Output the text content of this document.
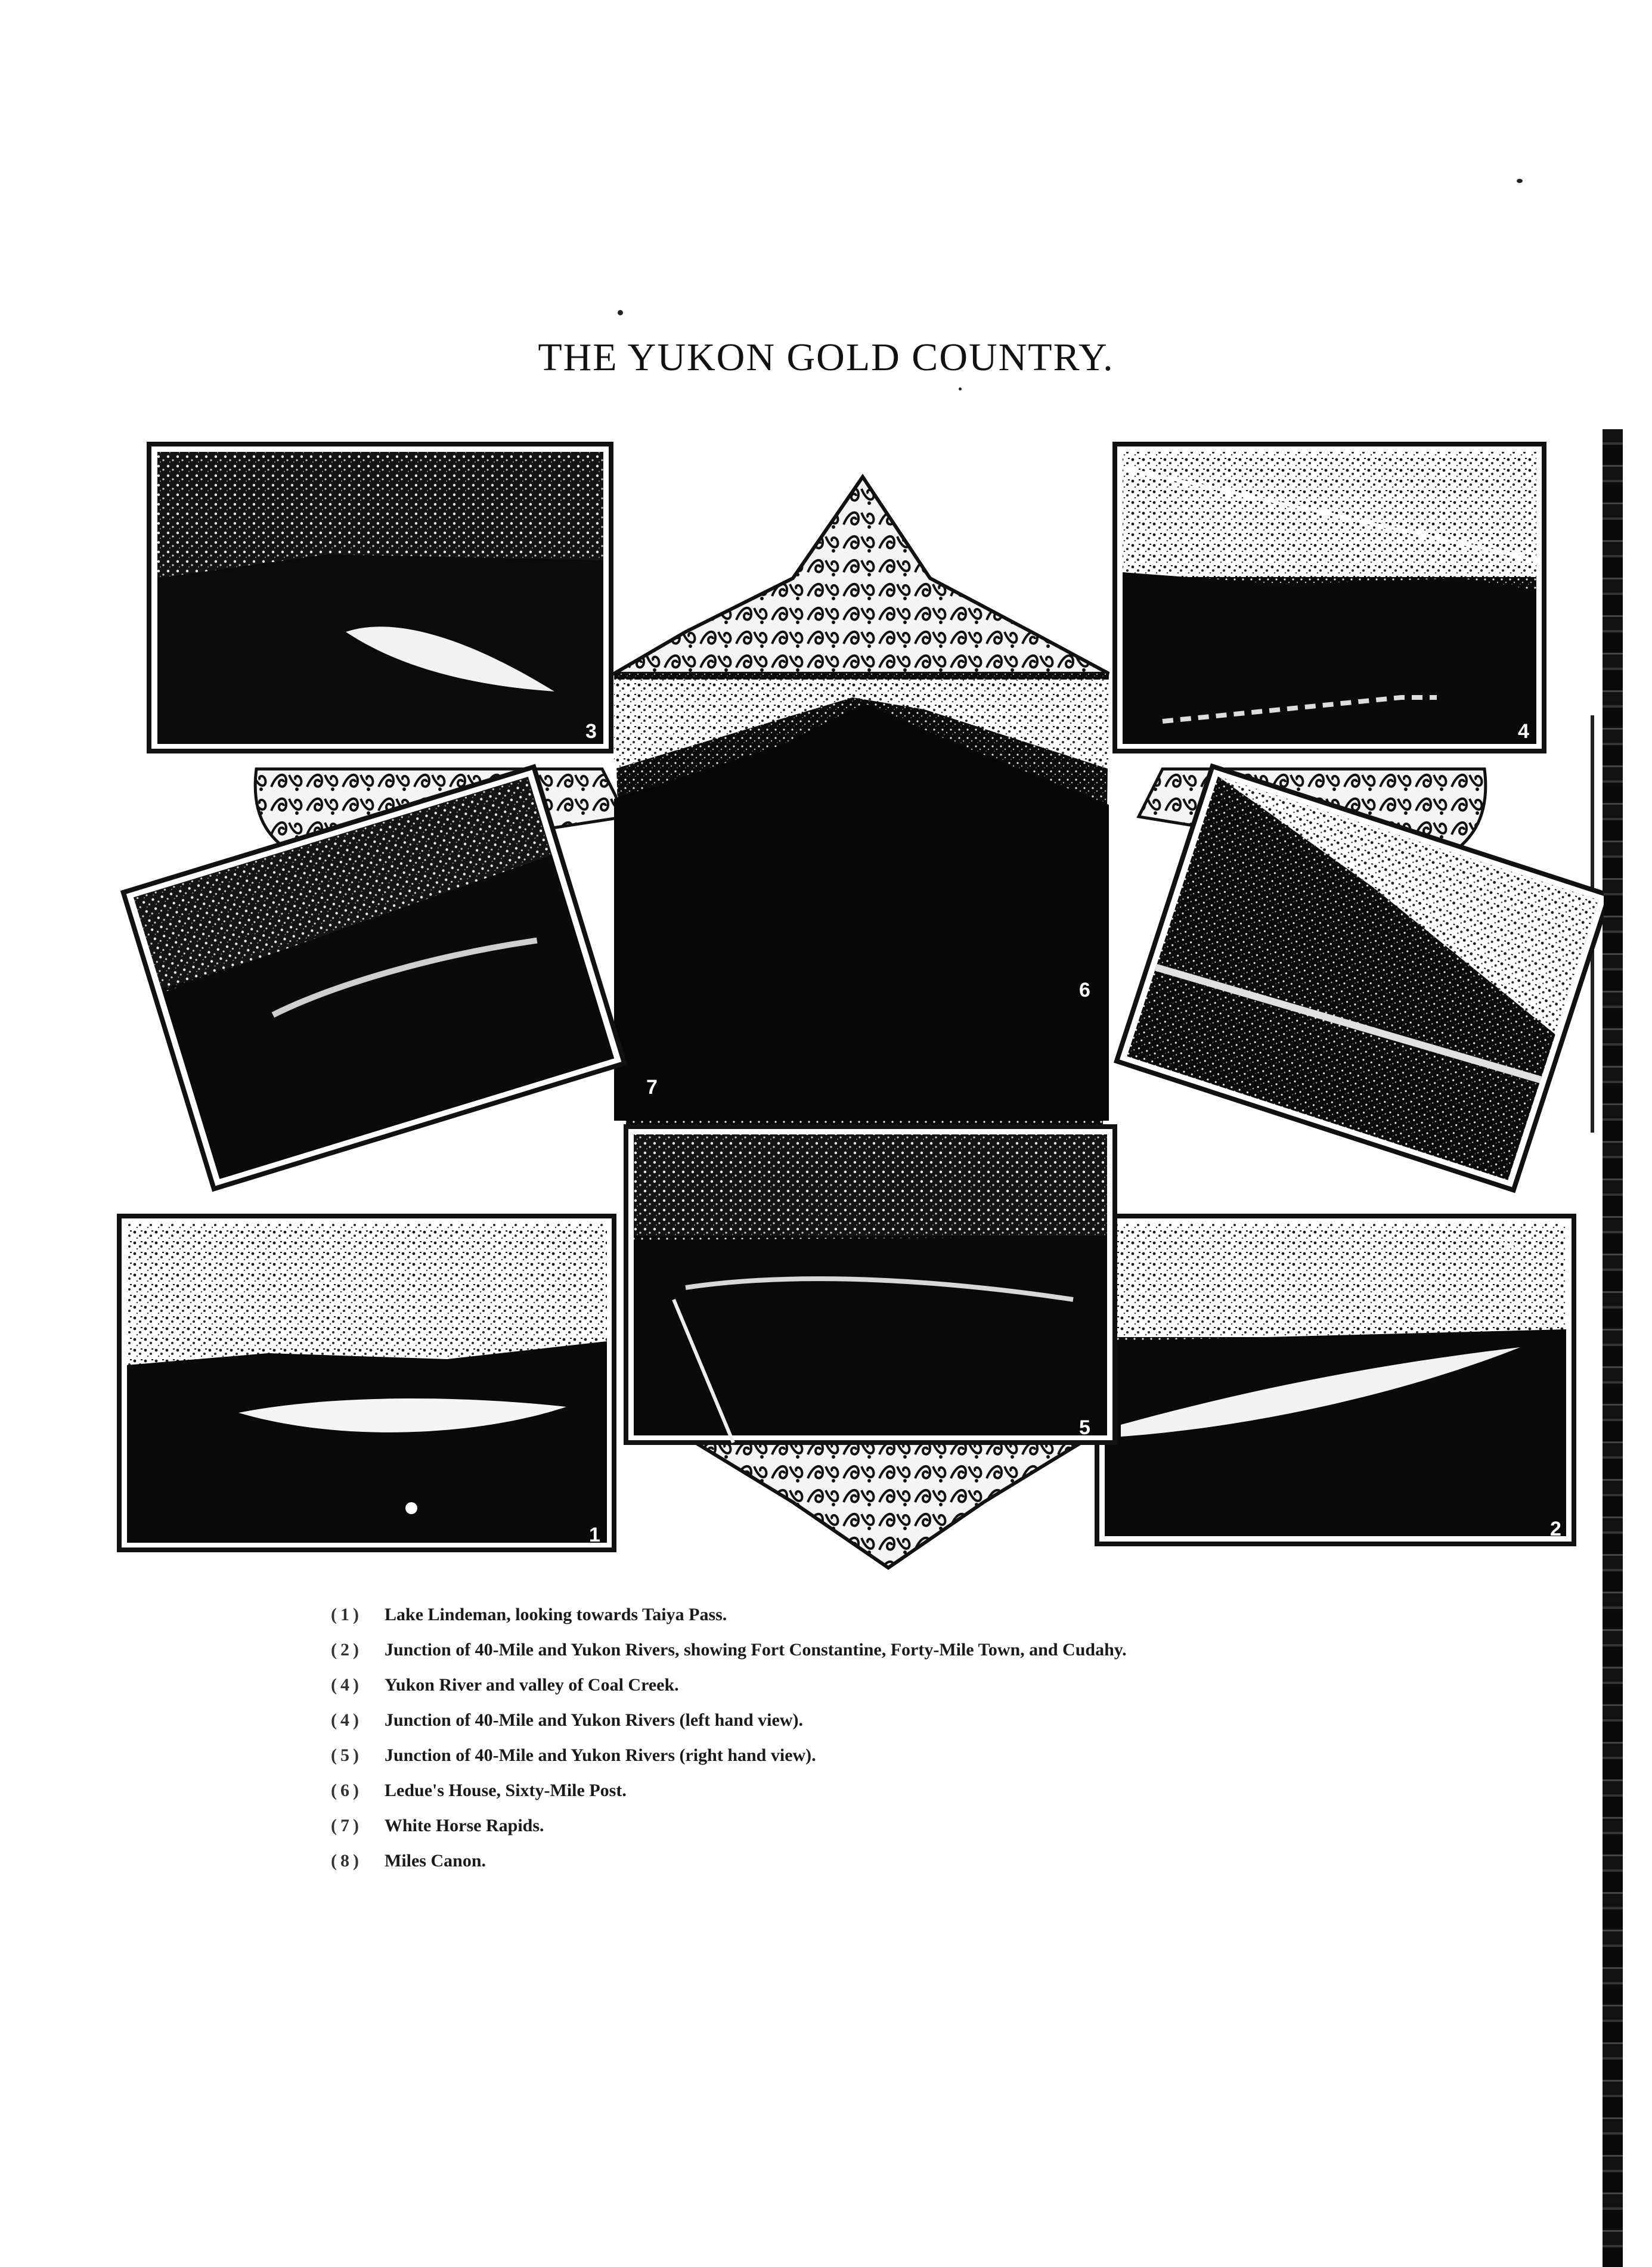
THE YUKON GOLD COUNTRY.
1	2
3	4
5
6
7
8
(1)	Lake Lindeman, looking towards Taiya Pass.
(2)	Junction of 40-Mile and Yukon Rivers, showing Fort Constantine, Forty-Mile Town, and Cudahy.
(4)	Yukon River and valley of Coal Creek.
(4)	Junction of 40-Mile and Yukon Rivers (left hand view).
(5)	Junction of 40-Mile and Yukon Rivers (right hand view).
(6)	Ledue's House, Sixty-Mile Post.
(7)	White Horse Rapids.
(8)	Miles Canon.
